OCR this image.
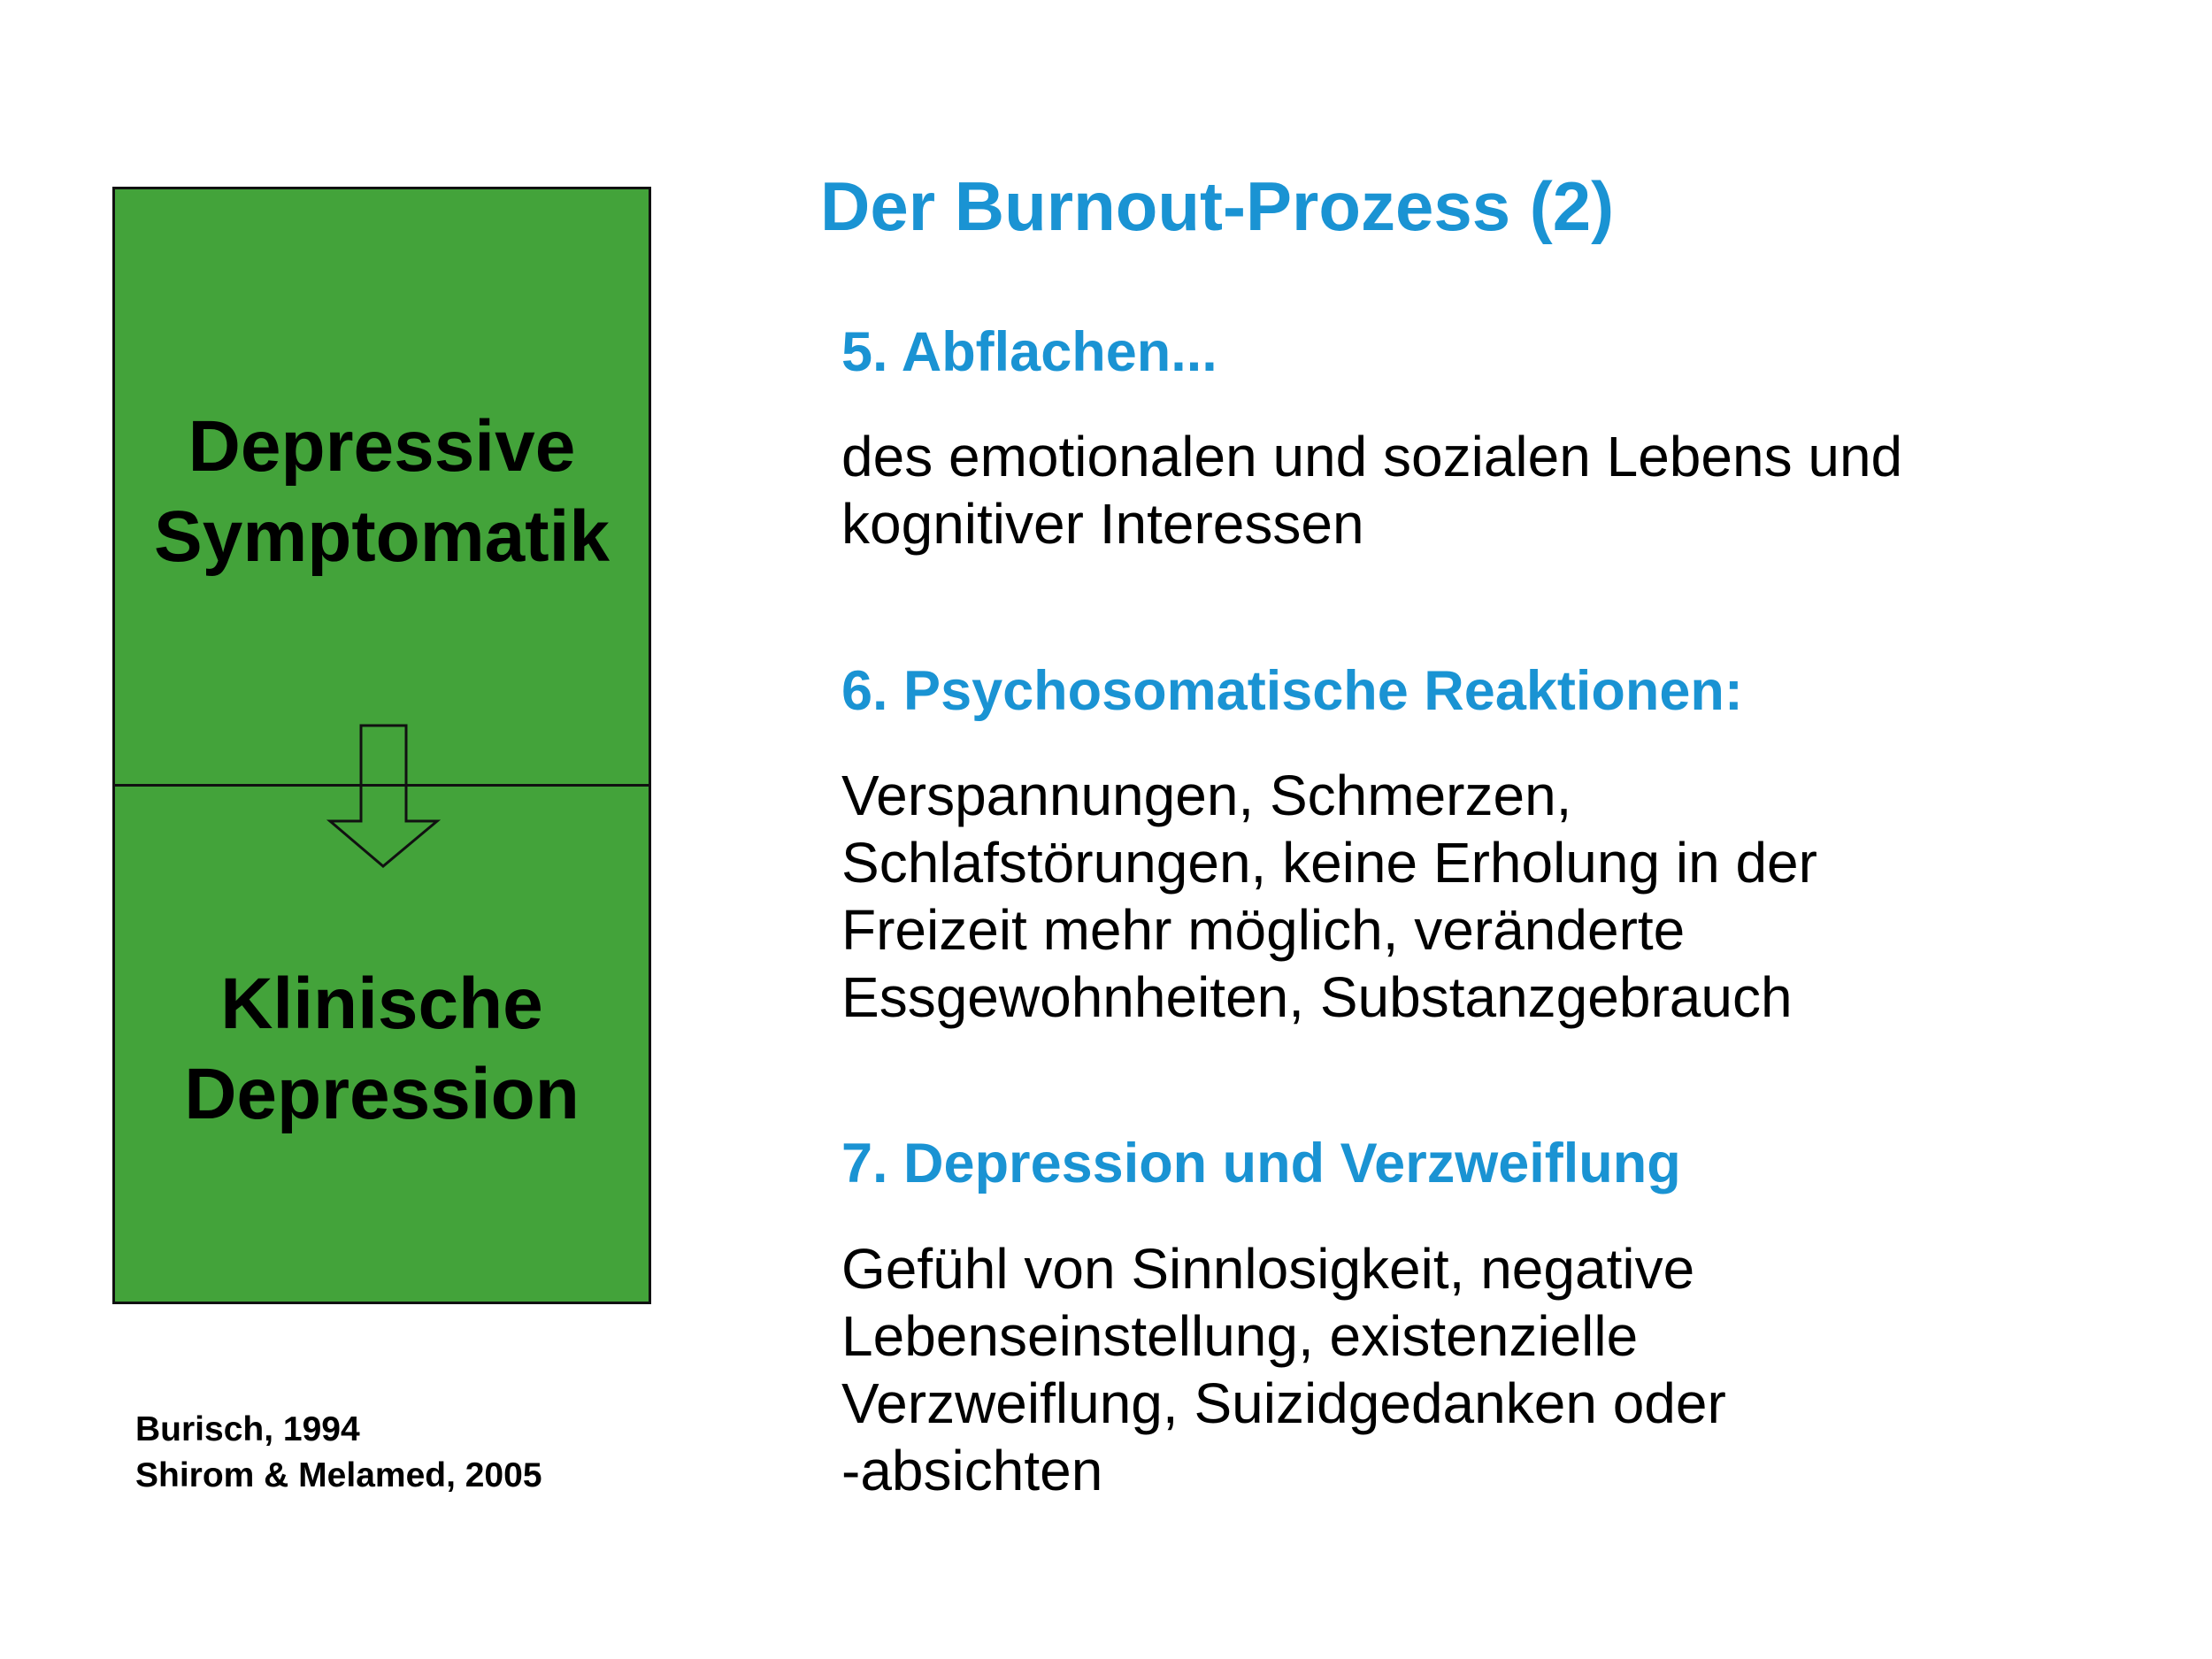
Depressive
Symptomatik
Klinische
Depression
Burisch, 1994
Shirom & Melamed, 2005
Der Burnout-Prozess (2)
5. Abflachen...
des emotionalen und sozialen Lebens und
kognitiver Interessen
6. Psychosomatische Reaktionen:
Verspannungen, Schmerzen,
Schlafstörungen, keine Erholung in der
Freizeit mehr möglich, veränderte
Essgewohnheiten, Substanzgebrauch
7. Depression und Verzweiflung
Gefühl von Sinnlosigkeit, negative
Lebenseinstellung, existenzielle
Verzweiflung, Suizidgedanken oder
-absichten
